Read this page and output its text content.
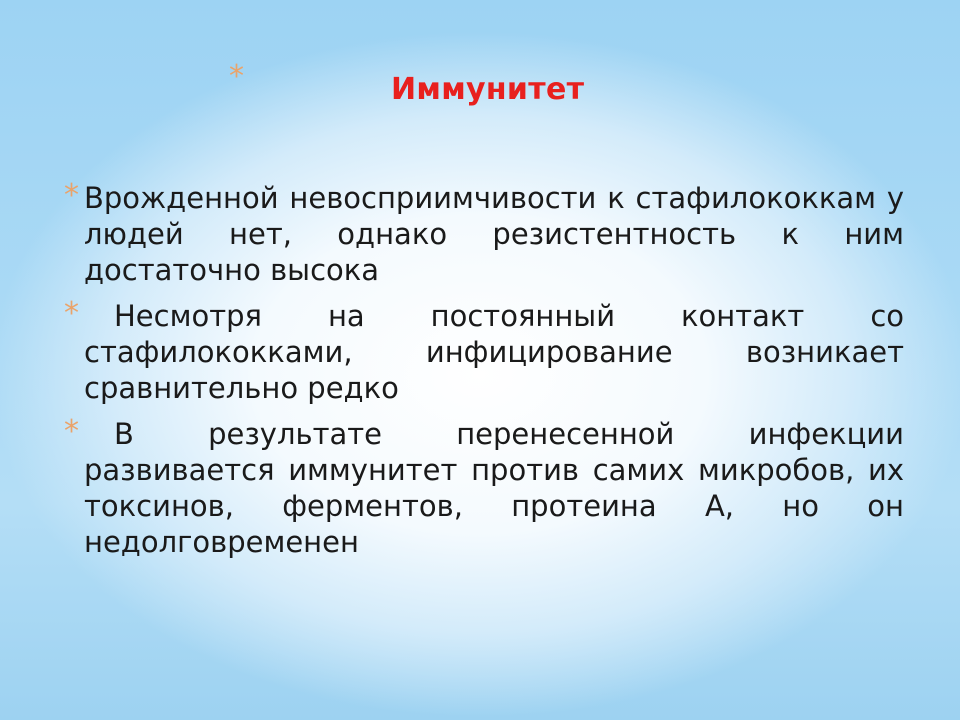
*	Иммунитет
* Врожденной невосприимчивости к стафилококкам у людей нет, однако резистентность к ним достаточно высока
*	Несмотря на постоянный контакт со стафилококками, инфицирование возникает сравнительно редко
*	В результате перенесенной инфекции развивается иммунитет против самих микробов, их токсинов, ферментов, протеина А, но он недолговременен
